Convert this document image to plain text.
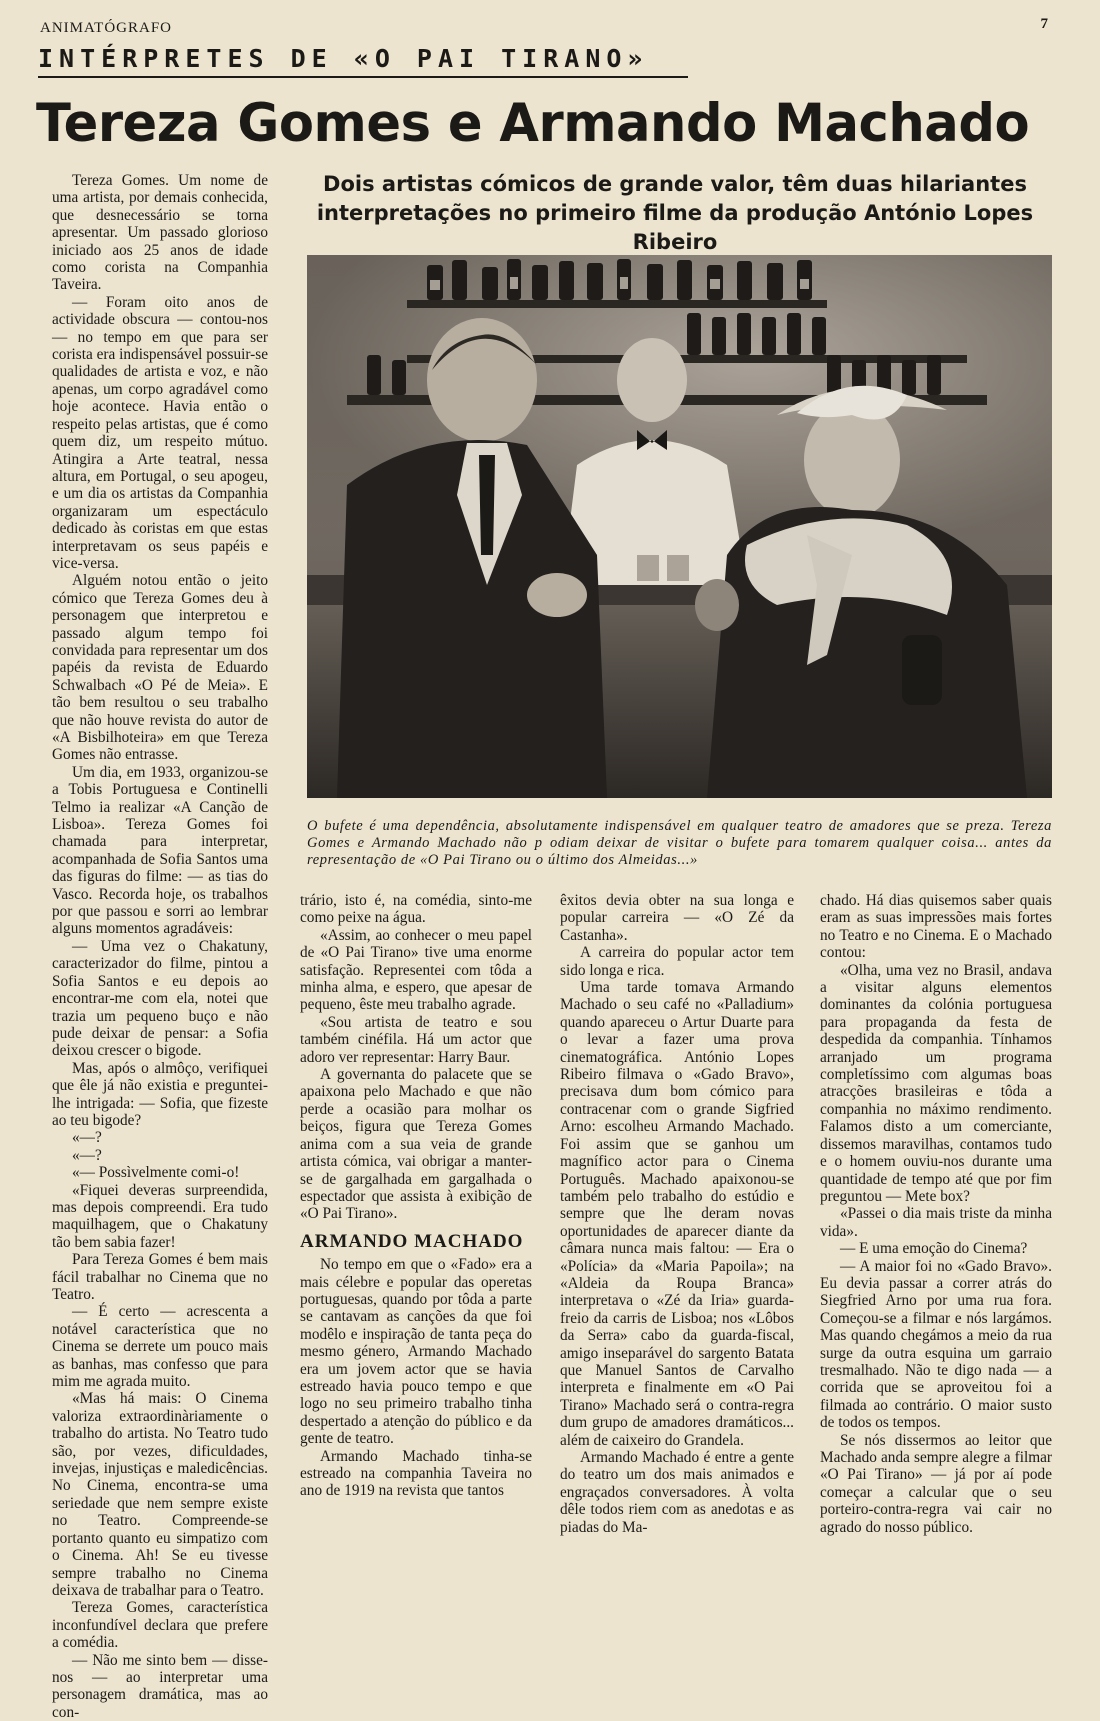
ANIMATÓGRAFO	7
INTÉRPRETES DE «O PAI TIRANO»
Tereza Gomes e Armando Machado
Dois artistas cómicos de grande valor, têm duas hilariantes interpretações no primeiro filme da produção António Lopes Ribeiro
O bufete é uma dependência, absolutamente indispensável em qualquer teatro de amadores que se preza. Tereza Gomes e Armando Machado não p odiam deixar de visitar o bufete para tomarem qualquer coisa... antes da representação de «O Pai Tirano ou o último dos Almeidas...»

Tereza Gomes. Um nome de uma artista, por demais conhecida, que desnecessário se torna apresentar. Um passado glorioso iniciado aos 25 anos de idade como corista na Companhia Taveira.

— Foram oito anos de actividade obscura — contou-nos — no tempo em que para ser corista era indispensável possuir-se qualidades de artista e voz, e não apenas, um corpo agradável como hoje acontece. Havia então o respeito pelas artistas, que é como quem diz, um respeito mútuo. Atingira a Arte teatral, nessa altura, em Portugal, o seu apogeu, e um dia os artistas da Companhia organizaram um espectáculo dedicado às coristas em que estas interpretavam os seus papéis e vice-versa.

Alguém notou então o jeito cómico que Tereza Gomes deu à personagem que interpretou e passado algum tempo foi convidada para representar um dos papéis da revista de Eduardo Schwalbach «O Pé de Meia». E tão bem resultou o seu trabalho que não houve revista do autor de «A Bisbilhoteira» em que Tereza Gomes não entrasse.

Um dia, em 1933, organizou-se a Tobis Portuguesa e Continelli Telmo ia realizar «A Canção de Lisboa». Tereza Gomes foi chamada para interpretar, acompanhada de Sofia Santos uma das figuras do filme: — as tias do Vasco. Recorda hoje, os trabalhos por que passou e sorri ao lembrar alguns momentos agradáveis:

— Uma vez o Chakatuny, caracterizador do filme, pintou a Sofia Santos e eu depois ao encontrar-me com ela, notei que trazia um pequeno buço e não pude deixar de pensar: a Sofia deixou crescer o bigode.

Mas, após o almôço, verifiquei que êle já não existia e preguntei-lhe intrigada: — Sofia, que fizeste ao teu bigode?

«—?

«—?

«— Possìvelmente comi-o!

«Fiquei deveras surpreendida, mas depois compreendi. Era tudo maquilhagem, que o Chakatuny tão bem sabia fazer!

Para Tereza Gomes é bem mais fácil trabalhar no Cinema que no Teatro.

— É certo — acrescenta a notável característica que no Cinema se derrete um pouco mais as banhas, mas confesso que para mim me agrada muito.

«Mas há mais: O Cinema valoriza extraordinàriamente o trabalho do artista. No Teatro tudo são, por vezes, dificuldades, invejas, injustiças e maledicências. No Cinema, encontra-se uma seriedade que nem sempre existe no Teatro. Compreende-se portanto quanto eu simpatizo com o Cinema. Ah! Se eu tivesse sempre trabalho no Cinema deixava de trabalhar para o Teatro.

Tereza Gomes, característica inconfundível declara que prefere a comédia.

— Não me sinto bem — disse-nos — ao interpretar uma personagem dramática, mas ao con-

trário, isto é, na comédia, sinto-me como peixe na água.

«Assim, ao conhecer o meu papel de «O Pai Tirano» tive uma enorme satisfação. Representei com tôda a minha alma, e espero, que apesar de pequeno, êste meu trabalho agrade.

«Sou artista de teatro e sou também cinéfila. Há um actor que adoro ver representar: Harry Baur.

A governanta do palacete que se apaixona pelo Machado e que não perde a ocasião para molhar os beiços, figura que Tereza Gomes anima com a sua veia de grande artista cómica, vai obrigar a manter-se de gargalhada em gargalhada o espectador que assista à exibição de «O Pai Tirano».

ARMANDO MACHADO

No tempo em que o «Fado» era a mais célebre e popular das operetas portuguesas, quando por tôda a parte se cantavam as canções da que foi modêlo e inspiração de tanta peça do mesmo género, Armando Machado era um jovem actor que se havia estreado havia pouco tempo e que logo no seu primeiro trabalho tinha despertado a atenção do público e da gente de teatro.

Armando Machado tinha-se estreado na companhia Taveira no ano de 1919 na revista que tantos

êxitos devia obter na sua longa e popular carreira — «O Zé da Castanha».

A carreira do popular actor tem sido longa e rica.

Uma tarde tomava Armando Machado o seu café no «Palladium» quando apareceu o Artur Duarte para o levar a fazer uma prova cinematográfica. António Lopes Ribeiro filmava o «Gado Bravo», precisava dum bom cómico para contracenar com o grande Sigfried Arno: escolheu Armando Machado. Foi assim que se ganhou um magnífico actor para o Cinema Português. Machado apaixonou-se também pelo trabalho do estúdio e sempre que lhe deram novas oportunidades de aparecer diante da câmara nunca mais faltou: — Era o «Polícia» da «Maria Papoila»; na «Aldeia da Roupa Branca» interpretava o «Zé da Iria» guarda-freio da carris de Lisboa; nos «Lôbos da Serra» cabo da guarda-fiscal, amigo inseparável do sargento Batata que Manuel Santos de Carvalho interpreta e finalmente em «O Pai Tirano» Machado será o contra-regra dum grupo de amadores dramáticos... além de caixeiro do Grandela.

Armando Machado é entre a gente do teatro um dos mais animados e engraçados conversadores. À volta dêle todos riem com as anedotas e as piadas do Ma-

chado. Há dias quisemos saber quais eram as suas impressões mais fortes no Teatro e no Cinema. E o Machado contou:

«Olha, uma vez no Brasil, andava a visitar alguns elementos dominantes da colónia portuguesa para propaganda da festa de despedida da companhia. Tínhamos arranjado um programa completíssimo com algumas boas atracções brasileiras e tôda a companhia no máximo rendimento. Falamos disto a um comerciante, dissemos maravilhas, contamos tudo e o homem ouviu-nos durante uma quantidade de tempo até que por fim preguntou — Mete box?

«Passei o dia mais triste da minha vida».

— E uma emoção do Cinema?

— A maior foi no «Gado Bravo». Eu devia passar a correr atrás do Siegfried Arno por uma rua fora. Começou-se a filmar e nós largámos. Mas quando chegámos a meio da rua surge da outra esquina um garraio tresmalhado. Não te digo nada — a corrida que se aproveitou foi a filmada ao contrário. O maior susto de todos os tempos.

Se nós dissermos ao leitor que Machado anda sempre alegre a filmar «O Pai Tirano» — já por aí pode começar a calcular que o seu porteiro-contra-regra vai cair no agrado do nosso público.
